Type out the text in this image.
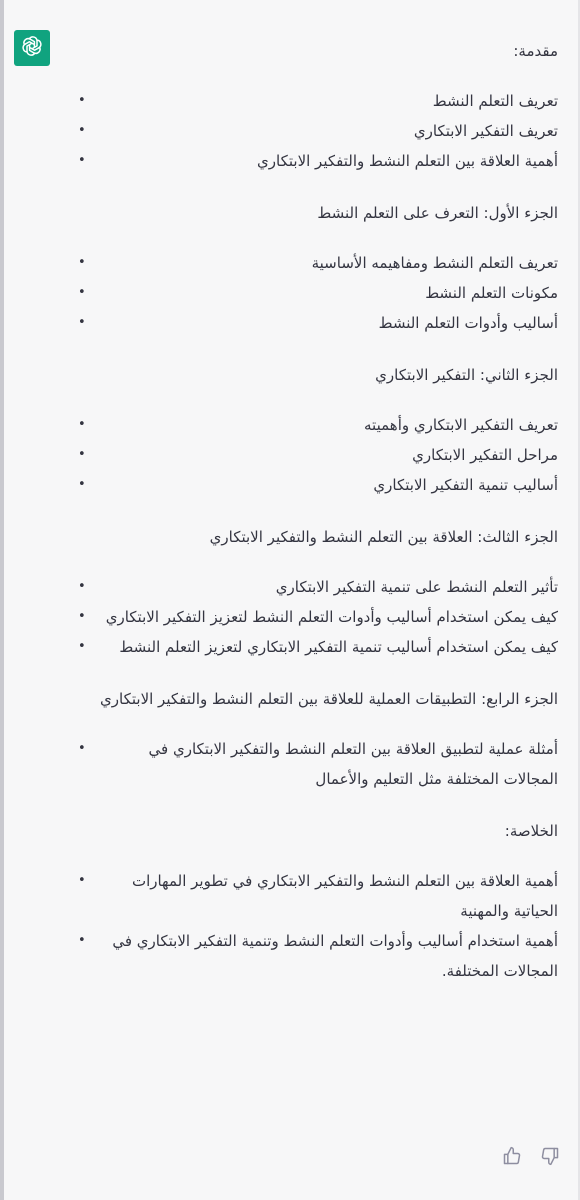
مقدمة:

تعريف التعلم النشط •
تعريف التفكير الابتكاري •
أهمية العلاقة بين التعلم النشط والتفكير الابتكاري •

الجزء الأول: التعرف على التعلم النشط

تعريف التعلم النشط ومفاهيمه الأساسية •
مكونات التعلم النشط •
أساليب وأدوات التعلم النشط •

الجزء الثاني: التفكير الابتكاري

تعريف التفكير الابتكاري وأهميته •
مراحل التفكير الابتكاري •
أساليب تنمية التفكير الابتكاري •

الجزء الثالث: العلاقة بين التعلم النشط والتفكير الابتكاري

تأثير التعلم النشط على تنمية التفكير الابتكاري •
كيف يمكن استخدام أساليب وأدوات التعلم النشط لتعزيز التفكير الابتكاري •
كيف يمكن استخدام أساليب تنمية التفكير الابتكاري لتعزيز التعلم النشط •

الجزء الرابع: التطبيقات العملية للعلاقة بين التعلم النشط والتفكير الابتكاري

أمثلة عملية لتطبيق العلاقة بين التعلم النشط والتفكير الابتكاري في المجالات المختلفة مثل التعليم والأعمال •

الخلاصة:

أهمية العلاقة بين التعلم النشط والتفكير الابتكاري في تطوير المهارات الحياتية والمهنية •
أهمية استخدام أساليب وأدوات التعلم النشط وتنمية التفكير الابتكاري في المجالات المختلفة. •
